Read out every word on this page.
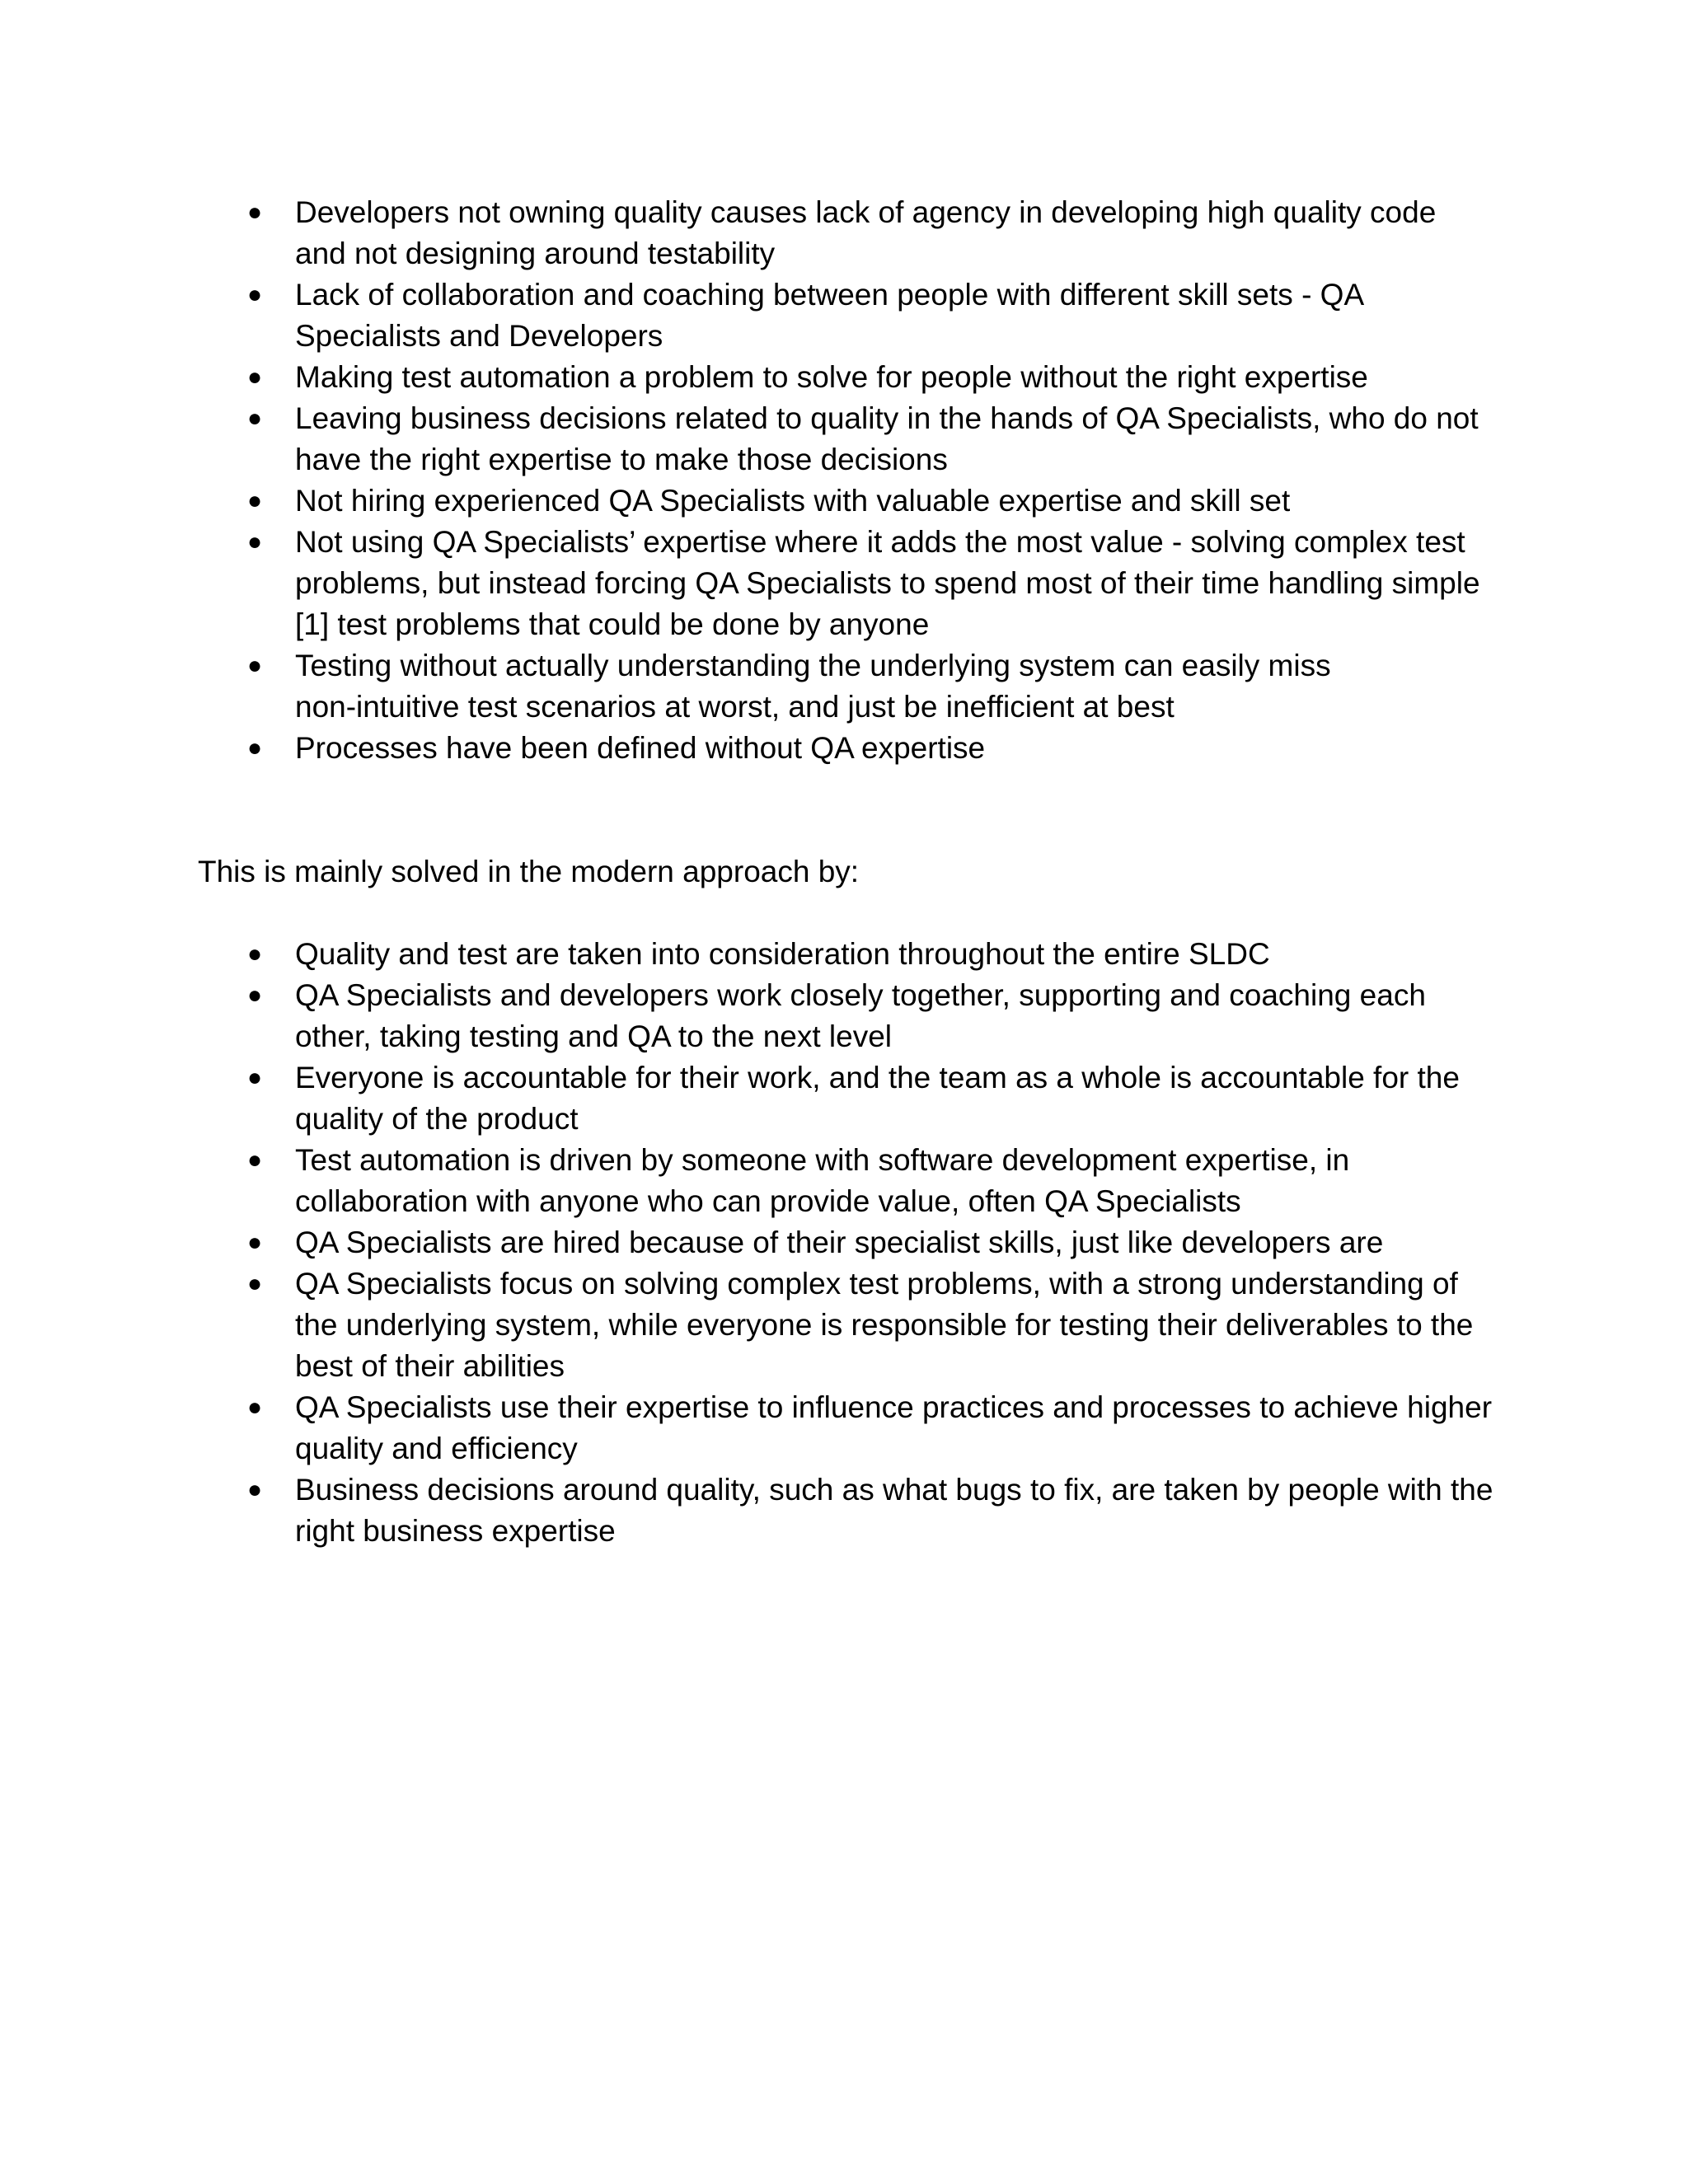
●	Developers not owning quality causes lack of agency in developing high quality code
and not designing around testability
●	Lack of collaboration and coaching between people with different skill sets - QA
Specialists and Developers
●	Making test automation a problem to solve for people without the right expertise
●	Leaving business decisions related to quality in the hands of QA Specialists, who do not
have the right expertise to make those decisions
●	Not hiring experienced QA Specialists with valuable expertise and skill set
●	Not using QA Specialists’ expertise where it adds the most value - solving complex test
problems, but instead forcing QA Specialists to spend most of their time handling simple
[1] test problems that could be done by anyone
●	Testing without actually understanding the underlying system can easily miss
non-intuitive test scenarios at worst, and just be inefficient at best
●	Processes have been defined without QA expertise

This is mainly solved in the modern approach by:

●	Quality and test are taken into consideration throughout the entire SLDC
●	QA Specialists and developers work closely together, supporting and coaching each
other, taking testing and QA to the next level
●	Everyone is accountable for their work, and the team as a whole is accountable for the
quality of the product
●	Test automation is driven by someone with software development expertise, in
collaboration with anyone who can provide value, often QA Specialists
●	QA Specialists are hired because of their specialist skills, just like developers are
●	QA Specialists focus on solving complex test problems, with a strong understanding of
the underlying system, while everyone is responsible for testing their deliverables to the
best of their abilities
●	QA Specialists use their expertise to influence practices and processes to achieve higher
quality and efficiency
●	Business decisions around quality, such as what bugs to fix, are taken by people with the
right business expertise
